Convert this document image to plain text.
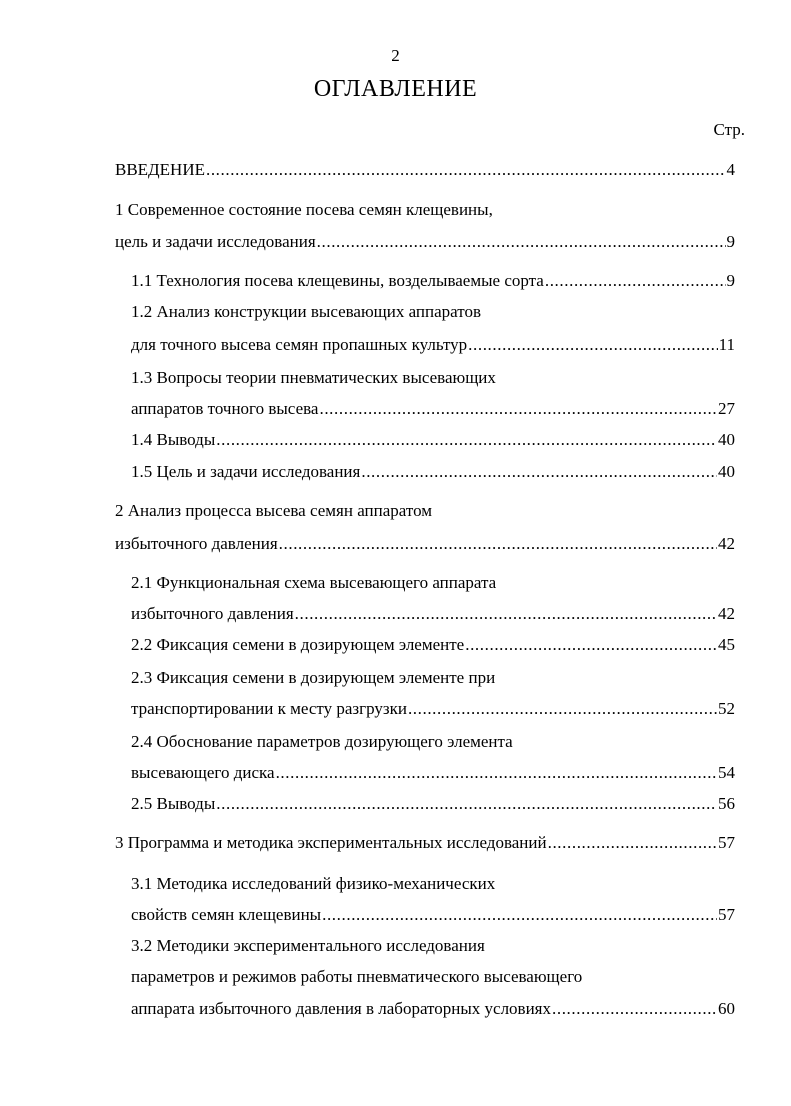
2
ОГЛАВЛЕНИЕ
Стр.
ВВЕДЕНИЕ .....	4
1 Современное состояние посева семян клещевины,
цель и задачи исследования .....	9
1.1 Технология посева клещевины, возделываемые сорта .....	9
1.2 Анализ конструкции высевающих аппаратов
для точного высева семян пропашных культур .....	11
1.3 Вопросы теории пневматических высевающих
аппаратов точного высева .....	27
1.4 Выводы .....	40
1.5 Цель и задачи исследования .....	40
2 Анализ процесса высева семян аппаратом
избыточного давления .....	42
2.1 Функциональная схема высевающего аппарата
избыточного давления .....	42
2.2 Фиксация семени в дозирующем элементе .....	45
2.3 Фиксация семени в дозирующем элементе при
транспортировании к месту разгрузки .....	52
2.4 Обоснование параметров дозирующего элемента
высевающего диска .....	54
2.5 Выводы .....	56
3 Программа и методика экспериментальных исследований .....	57
3.1 Методика исследований физико-механических
свойств семян клещевины .....	57
3.2 Методики экспериментального исследования
параметров и режимов работы пневматического высевающего
аппарата избыточного давления в лабораторных условиях .....	60
